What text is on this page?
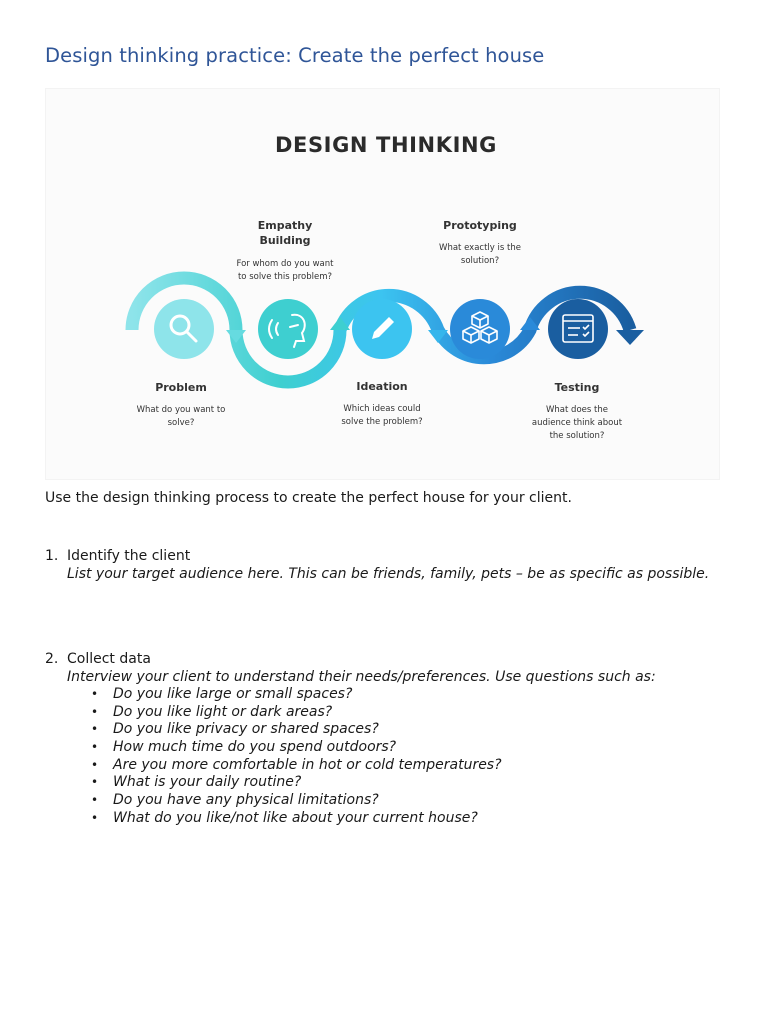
Design thinking practice: Create the perfect house
DESIGN THINKING
Problem
What do you want to
solve?
Empathy
Building
For whom do you want
to solve this problem?
Ideation
Which ideas could
solve the problem?
Prototyping
What exactly is the
solution?
Testing
What does the
audience think about
the solution?

Use the design thinking process to create the perfect house for your client.

1. Identify the client
List your target audience here. This can be friends, family, pets – be as specific as possible.
2. Collect data
Interview your client to understand their needs/preferences. Use questions such as:
• Do you like large or small spaces?
• Do you like light or dark areas?
• Do you like privacy or shared spaces?
• How much time do you spend outdoors?
• Are you more comfortable in hot or cold temperatures?
• What is your daily routine?
• Do you have any physical limitations?
• What do you like/not like about your current house?
